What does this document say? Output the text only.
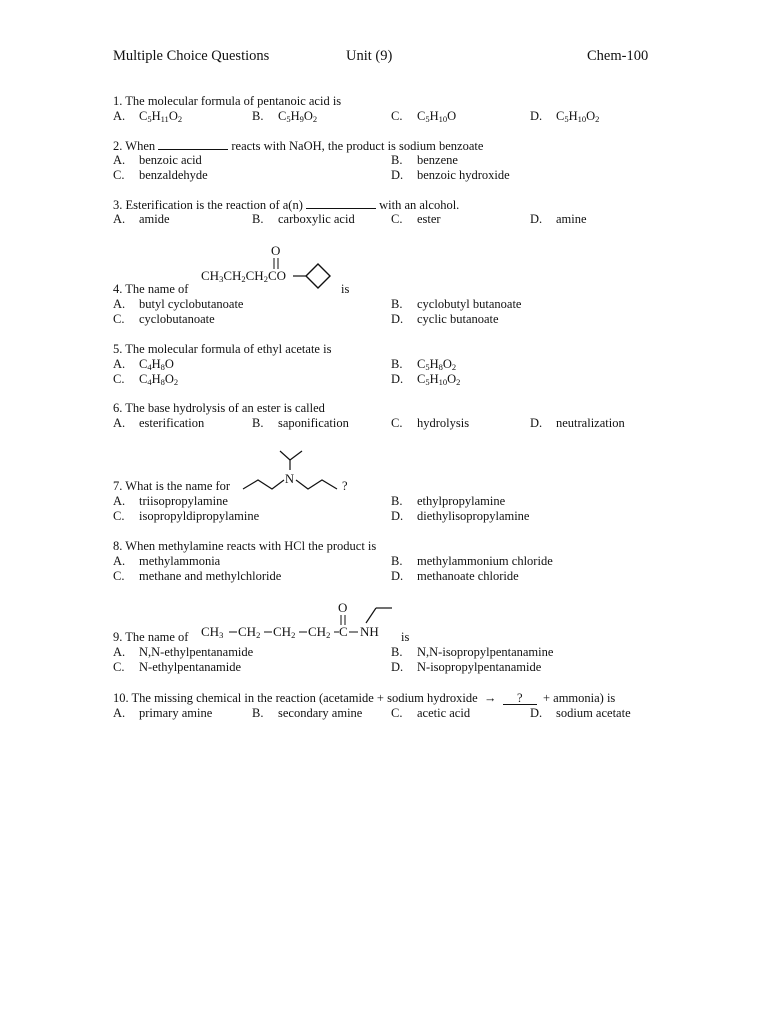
Multiple Choice Questions	Unit (9)	Chem-100
1. The molecular formula of pentanoic acid is
A. $C_5H_{11}O_2$	B. $C_5H_9O_2$	C. $C_5H_{10}O$	D. $C_5H_{10}O_2$
2. When	reacts with NaOH, the product is sodium benzoate
A. benzoic acid	B. benzene
C. benzaldehyde	D. benzoic hydroxide
3. Esterification is the reaction of a(n)	with an alcohol.
A. amide	B. carboxylic acid	C. ester	D. amine
O
$CH_3CH_2CH_2CO$
4. The name of	is
A. butyl cyclobutanoate	B. cyclobutyl butanoate
C. cyclobutanoate	D. cyclic butanoate
5. The molecular formula of ethyl acetate is
A. $C_4H_8O$	B. $C_5H_8O_2$
C. $C_4H_8O_2$	D. $C_5H_{10}O_2$
6. The base hydrolysis of an ester is called
A. esterification	B. saponification	C. hydrolysis	D. neutralization
N
7. What is the name for	?
A. triisopropylamine	B. ethylpropylamine
C. isopropyldipropylamine	D. diethylisopropylamine
8. When methylamine reacts with HCl the product is
A. methylammonia	B. methylammonium chloride
C. methane and methylchloride	D. methanoate chloride
O
$CH_3$ $CH_2$ $CH_2$ $CH_2$ C NH
9. The name of	is
A. N,N-ethylpentanamide	B. N,N-isopropylpentanamine
C. N-ethylpentanamide	D. N-isopropylpentanamide
10. The missing chemical in the reaction (acetamide + sodium hydroxide → ? + ammonia) is
A. primary amine	B. secondary amine C. acetic acid	D. sodium acetate
